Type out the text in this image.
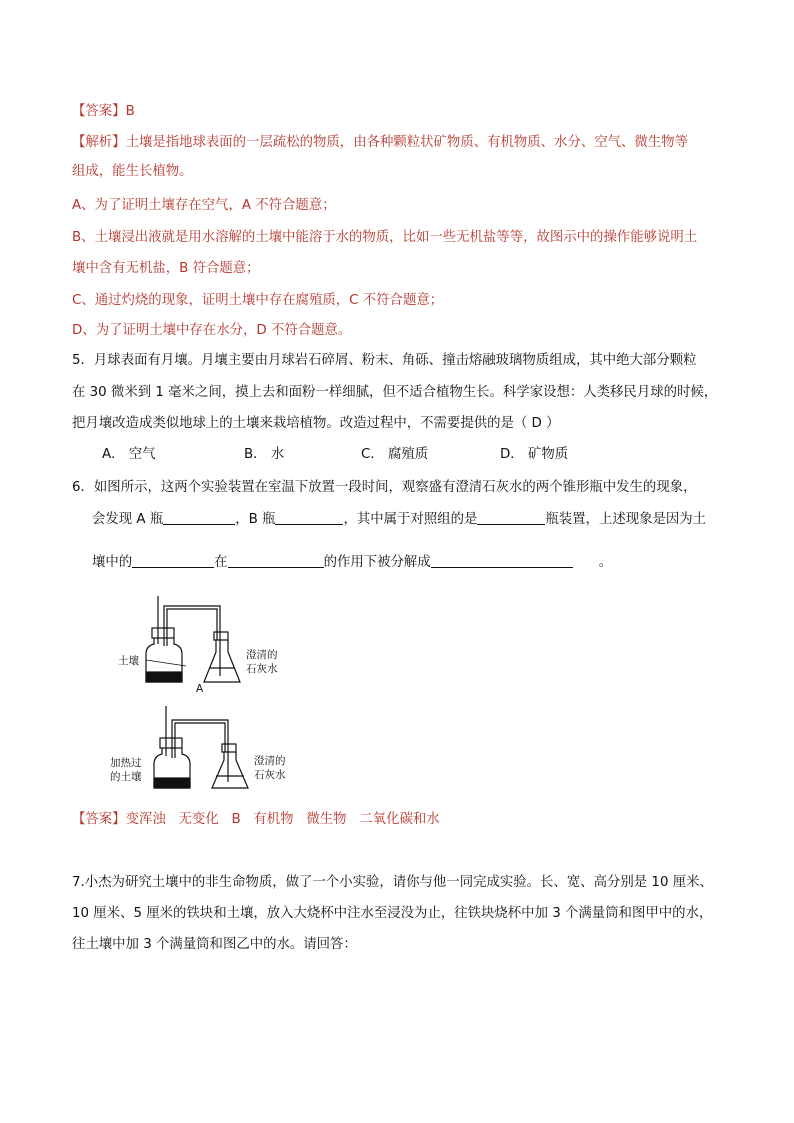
【答案】B
【解析】土壤是指地球表面的一层疏松的物质，由各种颗粒状矿物质、有机物质、水分、空气、微生物等
组成，能生长植物。
A、为了证明土壤存在空气，A 不符合题意；
B、土壤浸出液就是用水溶解的土壤中能溶于水的物质，比如一些无机盐等等，故图示中的操作能够说明土
壤中含有无机盐，B 符合题意；
C、通过灼烧的现象，证明土壤中存在腐殖质，C 不符合题意；
D、为了证明土壤中存在水分，D 不符合题意。
5．月球表面有月壤。月壤主要由月球岩石碎屑、粉末、角砾、撞击熔融玻璃物质组成，其中绝大部分颗粒
在 30 微米到 1 毫米之间，摸上去和面粉一样细腻，但不适合植物生长。科学家设想：人类移民月球的时候，
把月壤改造成类似地球上的土壤来栽培植物。改造过程中，不需要提供的是（ D ）
A． 空气	B． 水	C． 腐殖质	D． 矿物质
6．如图所示，这两个实验装置在室温下放置一段时间，观察盛有澄清石灰水的两个锥形瓶中发生的现象，
会发现 A 瓶	，B 瓶	，其中属于对照组的是	瓶装置，上述现象是因为土
壤中的	在	的作用下被分解成	。
土壤	澄清的
石灰水
A
加热过
的土壤
澄清的
石灰水
【答案】变浑浊   无变化   B   有机物   微生物   二氧化碳和水
7.小杰为研究土壤中的非生命物质，做了一个小实验，请你与他一同完成实验。长、宽、高分别是 10 厘米、
10 厘米、5 厘米的铁块和土壤，放入大烧杯中注水至浸没为止，往铁块烧杯中加 3 个满量筒和图甲中的水，
往土壤中加 3 个满量筒和图乙中的水。请回答：
